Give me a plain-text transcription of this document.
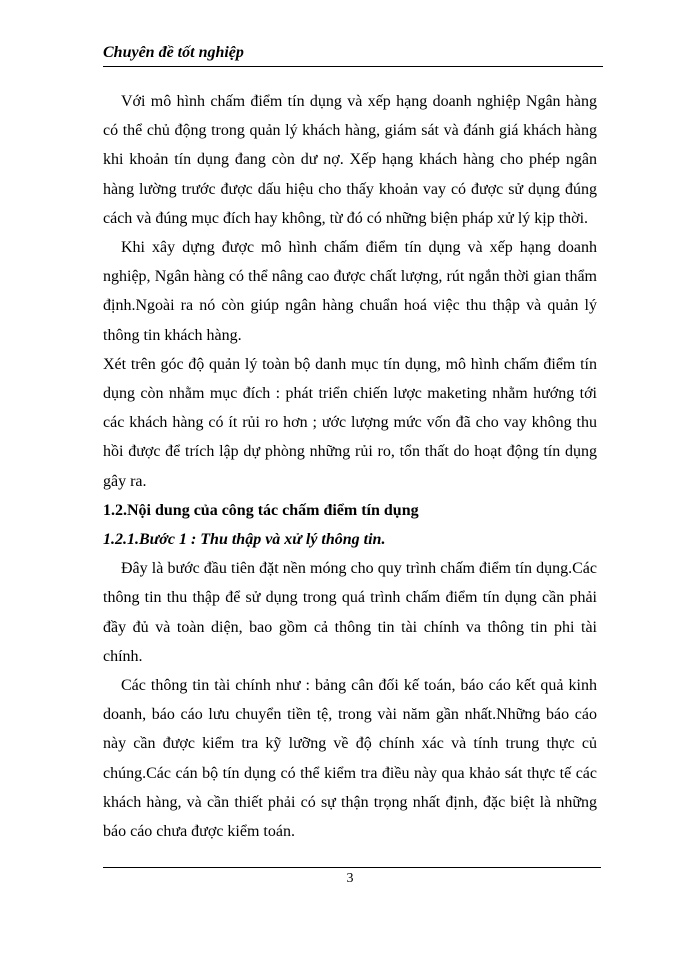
Chuyên đề tốt nghiệp

Với mô hình chấm điểm tín dụng và xếp hạng doanh nghiệp Ngân hàng có thể chủ động trong quản lý khách hàng, giám sát và đánh giá khách hàng khi khoản tín dụng đang còn dư nợ. Xếp hạng khách hàng cho phép ngân hàng lường trước được dấu hiệu cho thấy khoản vay có được sử dụng đúng cách và đúng mục đích hay không, từ đó có những biện pháp xử lý kịp thời.

Khi xây dựng được mô hình chấm điểm tín dụng và xếp hạng doanh nghiệp, Ngân hàng có thể nâng cao được chất lượng, rút ngắn thời gian thẩm định.Ngoài ra nó còn giúp ngân hàng chuẩn hoá việc thu thập và quản lý thông tin khách hàng.

Xét trên góc độ quản lý toàn bộ danh mục tín dụng, mô hình chấm điểm tín dụng còn nhằm mục đích : phát triển chiến lược maketing nhằm hướng tới các khách hàng có ít rủi ro hơn ; ước lượng mức vốn đã cho vay không thu hồi được để trích lập dự phòng những rủi ro, tổn thất do hoạt động tín dụng gây ra.

1.2.Nội dung của công tác chấm điểm tín dụng

1.2.1.Bước 1 : Thu thập và xử lý thông tin.

Đây là bước đầu tiên đặt nền móng cho quy trình chấm điểm tín dụng.Các thông tin thu thập để sử dụng trong quá trình chấm điểm tín dụng cần phải đầy đủ và toàn diện, bao gồm cả thông tin tài chính va thông tin phi tài chính.

Các thông tin tài chính như : bảng cân đối kế toán, báo cáo kết quả kinh doanh, báo cáo lưu chuyển tiền tệ, trong vài năm gần nhất.Những báo cáo này cần được kiểm tra kỹ lưỡng về độ chính xác và tính trung thực củ chúng.Các cán bộ tín dụng có thể kiểm tra điều này qua khảo sát thực tế các khách hàng, và cần thiết phải có sự thận trọng nhất định, đặc biệt là những báo cáo chưa được kiểm toán.

3
